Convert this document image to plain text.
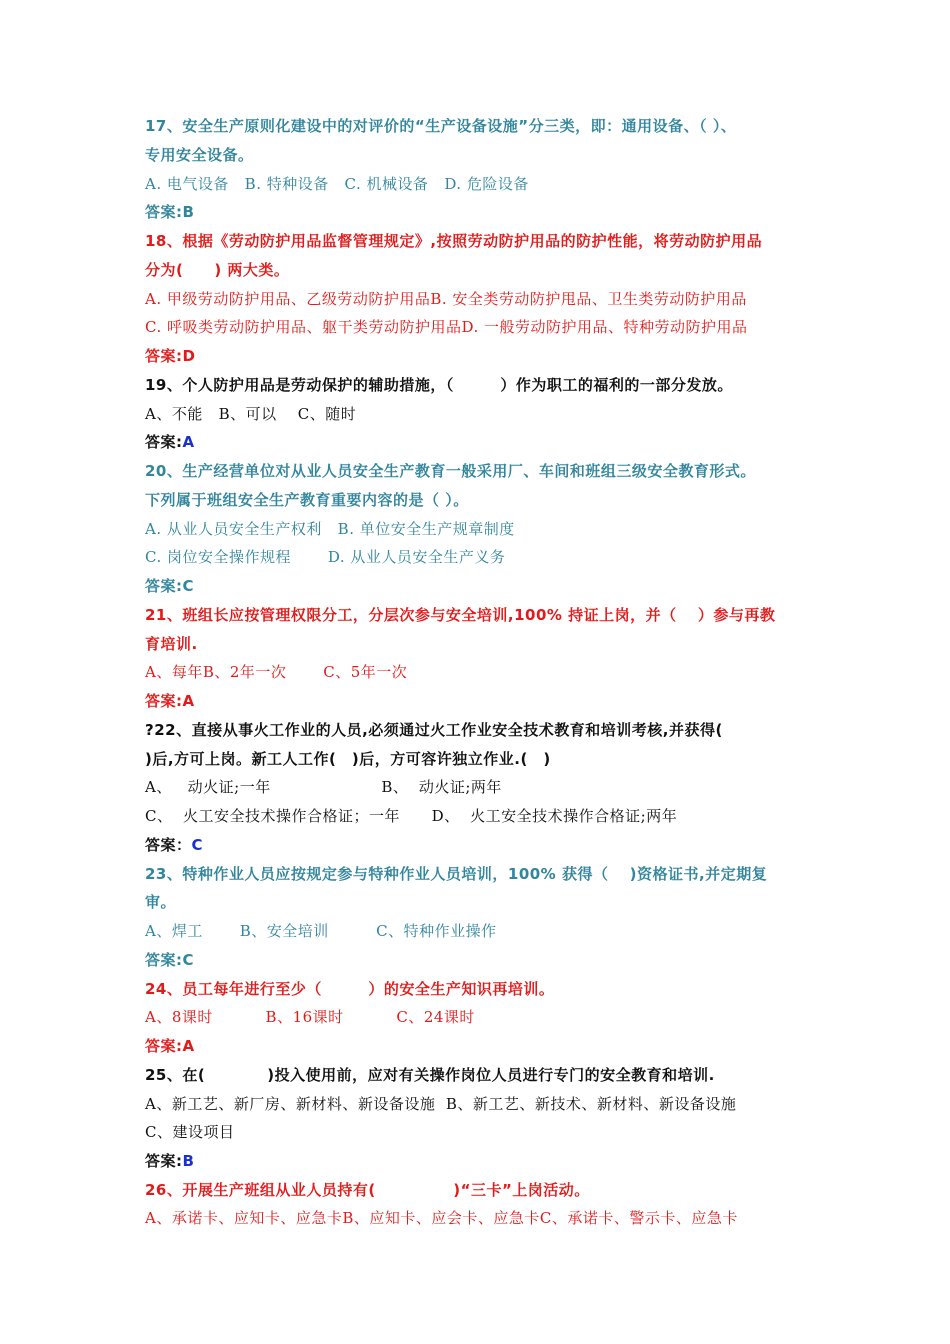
17、安全生产原则化建设中的对评价的“生产设备设施”分三类，即：通用设备、（ ）、
专用安全设备。
A. 电气设备   B. 特种设备   C. 机械设备   D. 危险设备
答案:B
18、根据《劳动防护用品监督管理规定》,按照劳动防护用品的防护性能，将劳动防护用品
分为(　　) 两大类。
A. 甲级劳动防护用品、乙级劳动防护用品B. 安全类劳动防护甩品、卫生类劳动防护用品
C. 呼吸类劳动防护用品、躯干类劳动防护用品D. 一般劳动防护用品、特种劳动防护用品
答案:D
19、个人防护用品是劳动保护的辅助措施，（　　　）作为职工的福利的一部分发放。
A、不能   B、可以    C、随时
答案:A
20、生产经营单位对从业人员安全生产教育一般采用厂、车间和班组三级安全教育形式。
下列属于班组安全生产教育重要内容的是（ ）。
A. 从业人员安全生产权利   B. 单位安全生产规章制度
C. 岗位安全操作规程       D. 从业人员安全生产义务
答案:C
21、班组长应按管理权限分工，分层次参与安全培训,100% 持证上岗，并（　 ）参与再教
育培训.
A、每年B、2年一次       C、5年一次
答案:A
?22、直接从事火工作业的人员,必须通过火工作业安全技术教育和培训考核,并获得(
)后,方可上岗。新工人工作(　)后，方可容许独立作业.(　)
A、   动火证;一年                     B、  动火证;两年
C、  火工安全技术操作合格证；一年      D、  火工安全技术操作合格证;两年
答案：C
23、特种作业人员应按规定参与特种作业人员培训，100% 获得（　 )资格证书,并定期复
审。
A、焊工       B、安全培训         C、特种作业操作
答案:C
24、员工每年进行至少（　　　）的安全生产知识再培训。
A、8课时          B、16课时          C、24课时
答案:A
25、在(　　　　)投入使用前，应对有关操作岗位人员进行专门的安全教育和培训.
A、新工艺、新厂房、新材料、新设备设施  B、新工艺、新技术、新材料、新设备设施
C、建设项目
答案:B
26、开展生产班组从业人员持有(　　　　　)“三卡”上岗活动。
A、承诺卡、应知卡、应急卡B、应知卡、应会卡、应急卡C、承诺卡、警示卡、应急卡
